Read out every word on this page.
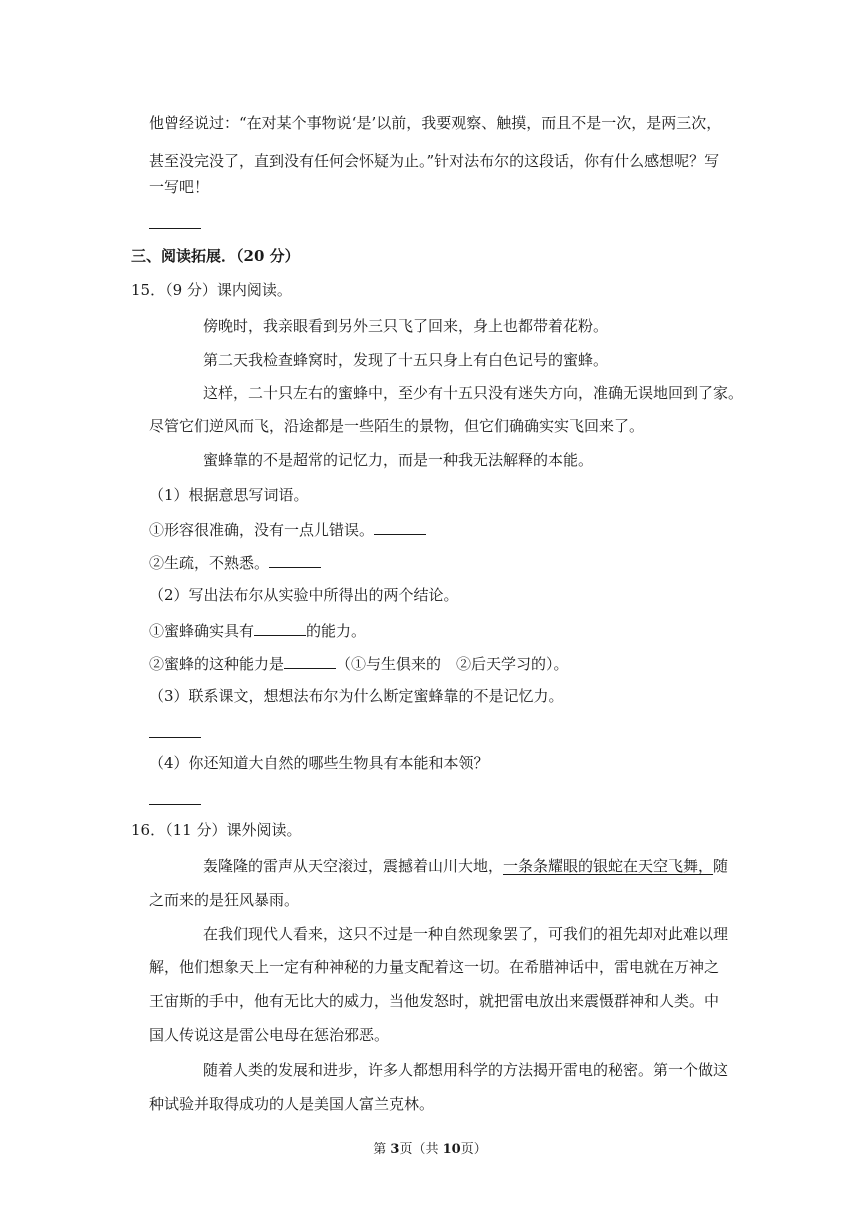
他曾经说过：“在对某个事物说‘是’以前，我要观察、触摸，而且不是一次，是两三次，
甚至没完没了，直到没有任何会怀疑为止。”针对法布尔的这段话，你有什么感想呢？写
一写吧！
三、阅读拓展．（20 分）
15．（9 分）课内阅读。
傍晚时，我亲眼看到另外三只飞了回来，身上也都带着花粉。
第二天我检查蜂窝时，发现了十五只身上有白色记号的蜜蜂。
这样，二十只左右的蜜蜂中，至少有十五只没有迷失方向，准确无误地回到了家。
尽管它们逆风而飞，沿途都是一些陌生的景物，但它们确确实实飞回来了。
蜜蜂靠的不是超常的记忆力，而是一种我无法解释的本能。
（1）根据意思写词语。
①形容很准确，没有一点儿错误。
②生疏，不熟悉。
（2）写出法布尔从实验中所得出的两个结论。
①蜜蜂确实具有	的能力。
②蜜蜂的这种能力是	（①与生俱来的　②后天学习的）。
（3）联系课文，想想法布尔为什么断定蜜蜂靠的不是记忆力。
（4）你还知道大自然的哪些生物具有本能和本领？
16．（11 分）课外阅读。
轰隆隆的雷声从天空滚过，震撼着山川大地，一条条耀眼的银蛇在天空飞舞，随
之而来的是狂风暴雨。
在我们现代人看来，这只不过是一种自然现象罢了，可我们的祖先却对此难以理
解，他们想象天上一定有种神秘的力量支配着这一切。在希腊神话中，雷电就在万神之
王宙斯的手中，他有无比大的威力，当他发怒时，就把雷电放出来震慑群神和人类。中
国人传说这是雷公电母在惩治邪恶。
随着人类的发展和进步，许多人都想用科学的方法揭开雷电的秘密。第一个做这
种试验并取得成功的人是美国人富兰克林。
第 3页（共 10页）
